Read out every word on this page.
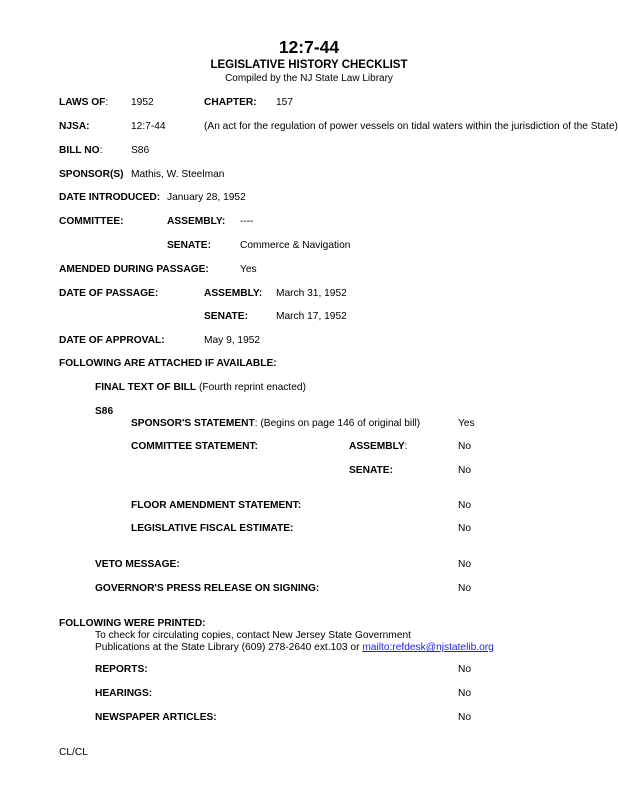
12:7-44
LEGISLATIVE HISTORY CHECKLIST
Compiled by the NJ State Law Library
LAWS OF: 1952	CHAPTER: 157
NJSA:	12:7-44	(An act for the regulation of power vessels on tidal waters within the jurisdiction of the State)
BILL NO:	S86
SPONSOR(S) Mathis, W. Steelman
DATE INTRODUCED: January 28, 1952
COMMITTEE:	ASSEMBLY: ----
SENATE:	Commerce & Navigation
AMENDED DURING PASSAGE:	Yes
DATE OF PASSAGE:	ASSEMBLY: March 31, 1952
SENATE:	March 17, 1952
DATE OF APPROVAL:	May 9, 1952
FOLLOWING ARE ATTACHED IF AVAILABLE:
FINAL TEXT OF BILL (Fourth reprint enacted)
S86
SPONSOR'S STATEMENT: (Begins on page 146 of original bill)	Yes
COMMITTEE STATEMENT:	ASSEMBLY:	No
SENATE:	No
FLOOR AMENDMENT STATEMENT:	No
LEGISLATIVE FISCAL ESTIMATE:	No
VETO MESSAGE:	No
GOVERNOR'S PRESS RELEASE ON SIGNING:	No
FOLLOWING WERE PRINTED:
To check for circulating copies, contact New Jersey State Government
Publications at the State Library (609) 278-2640 ext.103 or mailto:refdesk@njstatelib.org
REPORTS:	No
HEARINGS:	No
NEWSPAPER ARTICLES:	No
CL/CL
